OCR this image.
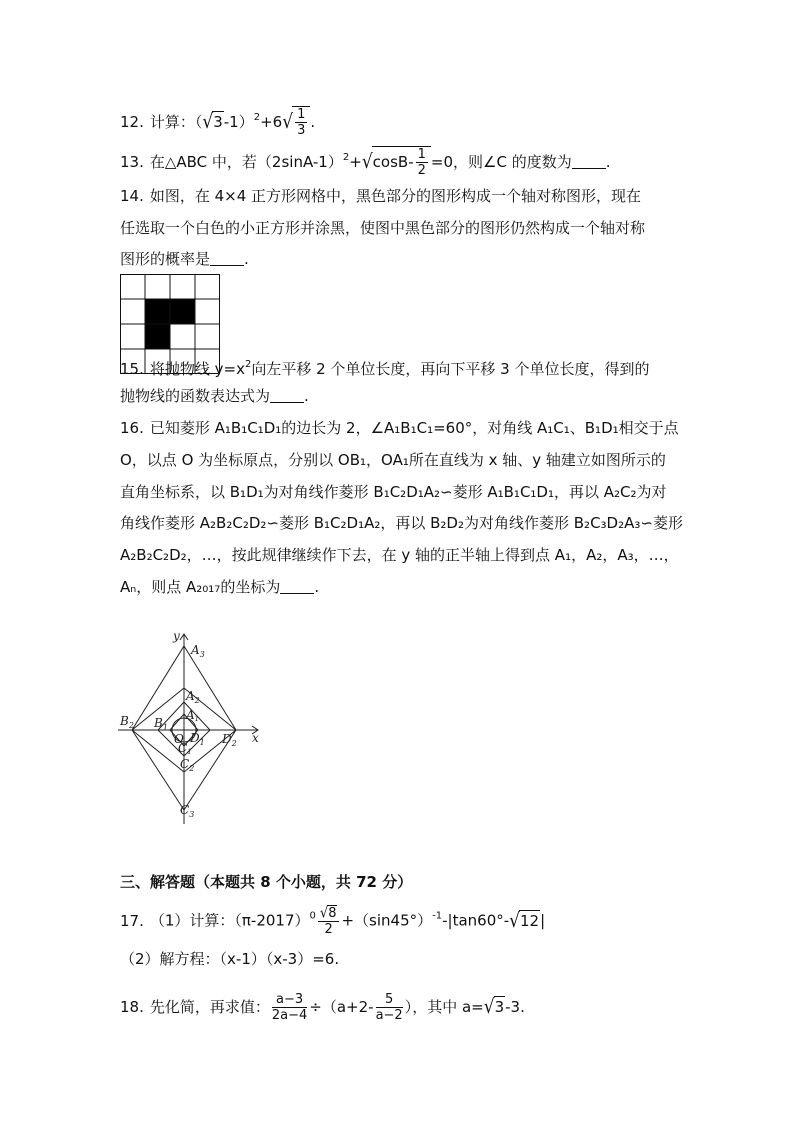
12. 计算：$(√3-1)^2+6√ \frac{1}{3}$ .
13. 在△ABC 中，若$(2\sin A-1)^2+√\cos B- \frac{1}{2} =0$，则∠C 的度数为 .
14. 如图，在 4×4 正方形网格中，黑色部分的图形构成一个轴对称图形，现在
任选取一个白色的小正方形并涂黑，使图中黑色部分的图形仍然构成一个轴对称
图形的概率是 .
15. 将抛物线 $y=x^2$向左平移 2 个单位长度，再向下平移 3 个单位长度，得到的
抛物线的函数表达式为 .
16. 已知菱形 A₁B₁C₁D₁的边长为 2，∠A₁B₁C₁=60°，对角线 A₁C₁、B₁D₁相交于点
O，以点 O 为坐标原点，分别以 OB₁，OA₁所在直线为 x 轴、y 轴建立如图所示的
直角坐标系，以 B₁D₁为对角线作菱形 B₁C₂D₁A₂∽菱形 A₁B₁C₁D₁，再以 A₂C₂为对
角线作菱形 A₂B₂C₂D₂∽菱形 B₁C₂D₁A₂，再以 B₂D₂为对角线作菱形 B₂C₃D₂A₃∽菱形
A₂B₂C₂D₂，…，按此规律继续作下去，在 y 轴的正半轴上得到点 A₁，A₂，A₃，…，
Aₙ，则点 A₂₀₁₇的坐标为 .
y
x
$A_3$
$A_2$
A1
$B_2$ $B_1$
O
C1
$D_1$ $D_2$
$C_2$
$C_3$
三、解答题（本题共 8 个小题，共 72 分）
17. （1）计算：$(\pi-2017)^0 \frac{√8}{2} +(\sin 45^\circ)^{-1}-|\tan 60^\circ-√12|$
（2）解方程：（x-1）（x-3）=6.
18. 先化简，再求值： $\frac{a-3}{2a-4} \div(a+2- \frac{5}{a-2}$ ），其中 a=√3-3.
